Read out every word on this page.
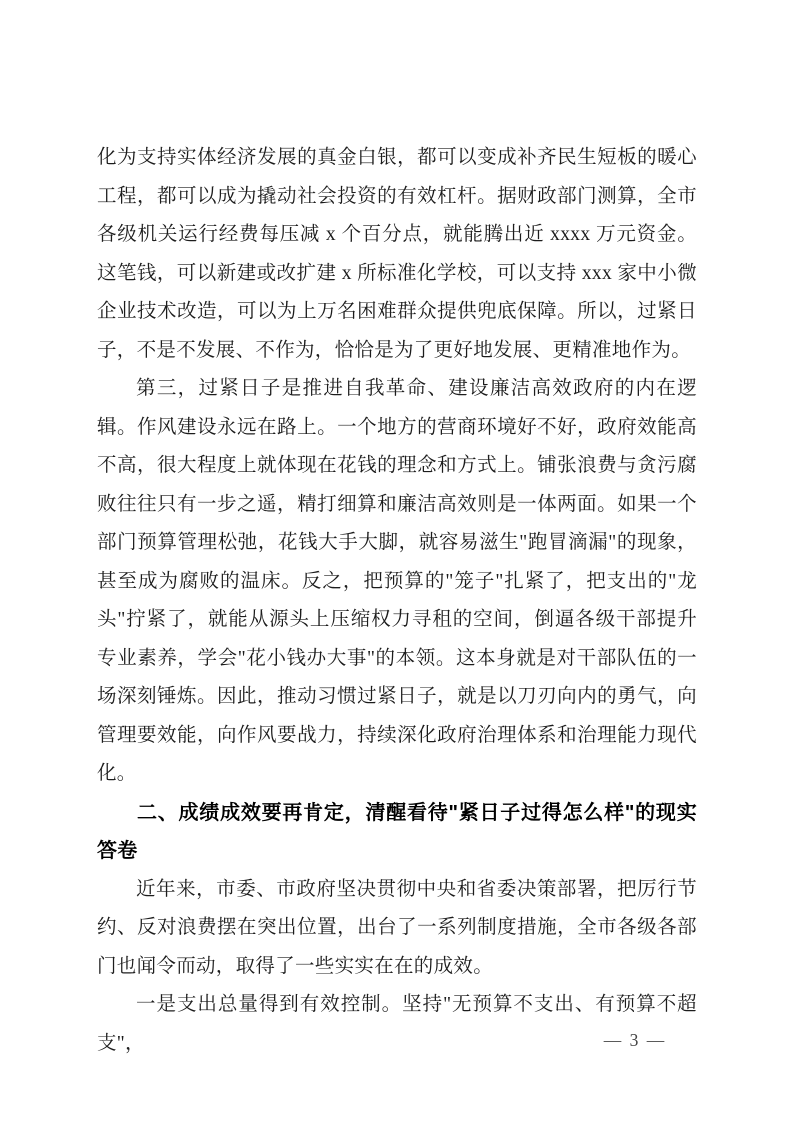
化为支持实体经济发展的真金白银，都可以变成补齐民生短板的暖心工程，都可以成为撬动社会投资的有效杠杆。据财政部门测算，全市各级机关运行经费每压减 x 个百分点，就能腾出近 xxxx 万元资金。这笔钱，可以新建或改扩建 x 所标准化学校，可以支持 xxx 家中小微企业技术改造，可以为上万名困难群众提供兜底保障。所以，过紧日子，不是不发展、不作为，恰恰是为了更好地发展、更精准地作为。

第三，过紧日子是推进自我革命、建设廉洁高效政府的内在逻辑。作风建设永远在路上。一个地方的营商环境好不好，政府效能高不高，很大程度上就体现在花钱的理念和方式上。铺张浪费与贪污腐败往往只有一步之遥，精打细算和廉洁高效则是一体两面。如果一个部门预算管理松弛，花钱大手大脚，就容易滋生"跑冒滴漏"的现象，甚至成为腐败的温床。反之，把预算的"笼子"扎紧了，把支出的"龙头"拧紧了，就能从源头上压缩权力寻租的空间，倒逼各级干部提升专业素养，学会"花小钱办大事"的本领。这本身就是对干部队伍的一场深刻锤炼。因此，推动习惯过紧日子，就是以刀刃向内的勇气，向管理要效能，向作风要战力，持续深化政府治理体系和治理能力现代化。

二、成绩成效要再肯定，清醒看待"紧日子过得怎么样"的现实答卷

近年来，市委、市政府坚决贯彻中央和省委决策部署，把厉行节约、反对浪费摆在突出位置，出台了一系列制度措施，全市各级各部门也闻令而动，取得了一些实实在在的成效。

一是支出总量得到有效控制。坚持"无预算不支出、有预算不超支"，	— 3 —
